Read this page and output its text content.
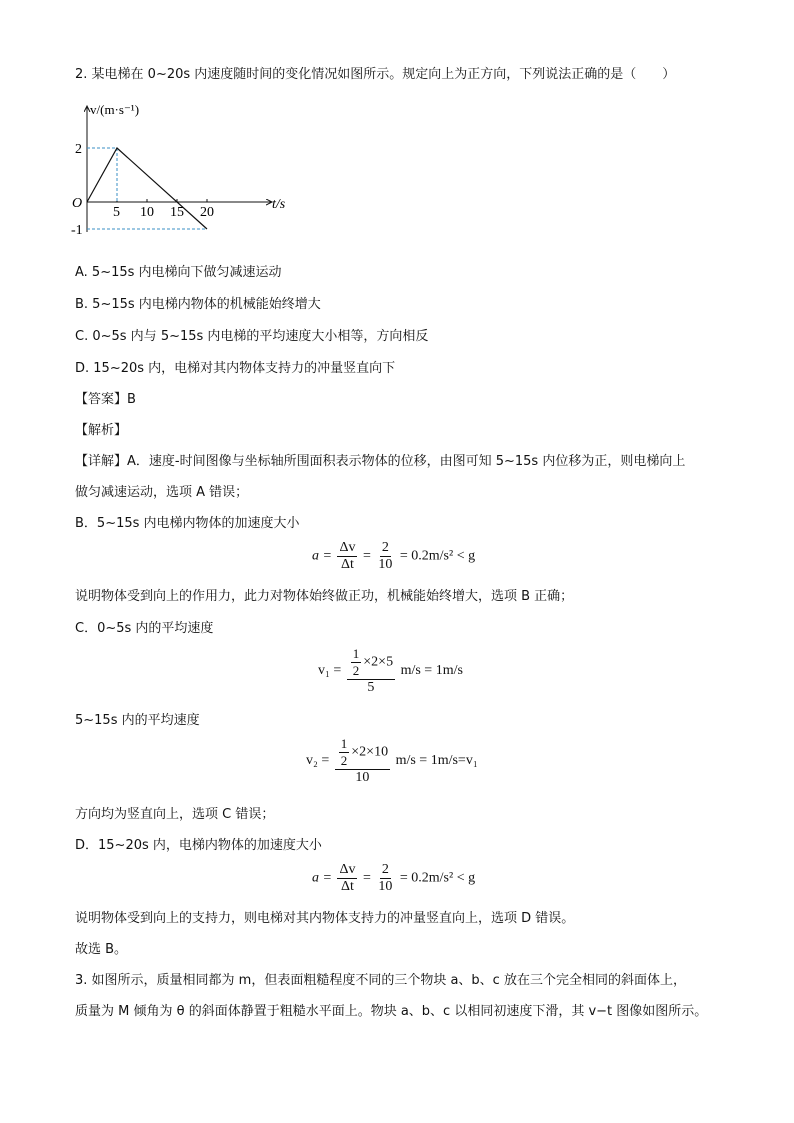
2. 某电梯在 0~20s 内速度随时间的变化情况如图所示。规定向上为正方向，下列说法正确的是（　　）
v/(m·s⁻¹)
t/s
O
5 10 15 20
2
-1
A. 5~15s 内电梯向下做匀减速运动
B. 5~15s 内电梯内物体的机械能始终增大
C. 0~5s 内与 5~15s 内电梯的平均速度大小相等，方向相反
D. 15~20s 内，电梯对其内物体支持力的冲量竖直向下
【答案】B
【解析】
【详解】A．速度-时间图像与坐标轴所围面积表示物体的位移，由图可知 5~15s 内位移为正，则电梯向上
做匀减速运动，选项 A 错误；
B．5~15s 内电梯内物体的加速度大小
$a = \frac{\Delta v}{\Delta t} = \frac{2}{10} = 0.2m/s^2 < g$
说明物体受到向上的作用力，此力对物体始终做正功，机械能始终增大，选项 B 正确；
C．0~5s 内的平均速度
$v_1 = \frac{\frac{1}{2} \times 2\times 5}{5} m/s = 1m/s$
5~15s 内的平均速度
$v_2 = \frac{\frac{1}{2} \times 2\times 10}{10} m/s = 1m/s=v_1$
方向均为竖直向上，选项 C 错误；
D．15~20s 内，电梯内物体的加速度大小
$a = \frac{\Delta v}{\Delta t} = \frac{2}{10} = 0.2m/s^2 < g$
说明物体受到向上的支持力，则电梯对其内物体支持力的冲量竖直向上，选项 D 错误。
故选 B。
3. 如图所示，质量相同都为 m，但表面粗糙程度不同的三个物块 a、b、c 放在三个完全相同的斜面体上，
质量为 M 倾角为 θ 的斜面体静置于粗糙水平面上。物块 a、b、c 以相同初速度下滑，其 v−t 图像如图所示。
